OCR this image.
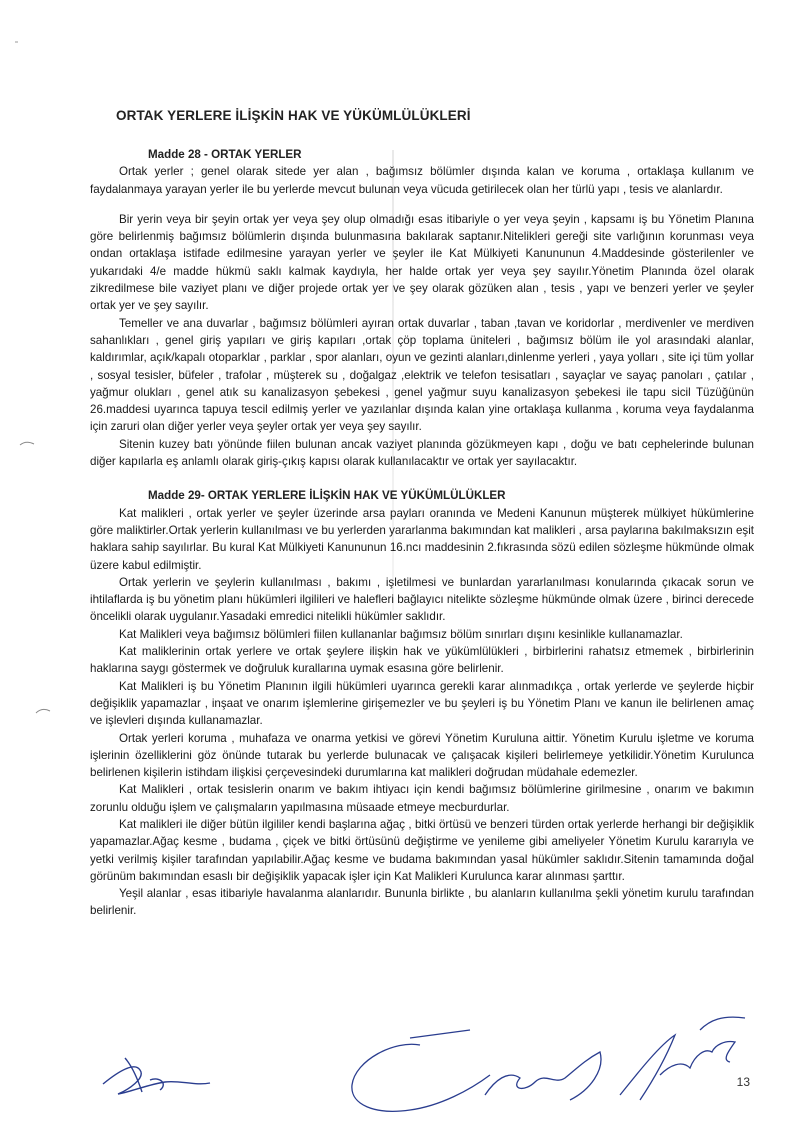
ORTAK YERLERE İLİŞKİN HAK VE YÜKÜMLÜLÜKLERİ

Madde 28 - ORTAK YERLER

Ortak yerler ; genel olarak sitede yer alan , bağımsız bölümler dışında kalan ve koruma , ortaklaşa kullanım ve faydalanmaya yarayan yerler ile bu yerlerde mevcut bulunan veya vücuda getirilecek olan her türlü yapı , tesis ve alanlardır.

Bir yerin veya bir şeyin ortak yer veya şey olup olmadığı esas itibariyle o yer veya şeyin , kapsamı iş bu Yönetim Planına göre belirlenmiş bağımsız bölümlerin dışında bulunmasına bakılarak saptanır.Nitelikleri gereği site varlığının korunması veya ondan ortaklaşa istifade edilmesine yarayan yerler ve şeyler ile Kat Mülkiyeti Kanununun 4.Maddesinde gösterilenler ve yukarıdaki 4/e madde hükmü saklı kalmak kaydıyla, her halde ortak yer veya şey sayılır.Yönetim Planında özel olarak zikredilmese bile vaziyet planı ve diğer projede ortak yer ve şey olarak gözüken alan , tesis , yapı ve benzeri yerler ve şeyler ortak yer ve şey sayılır.

Temeller ve ana duvarlar , bağımsız bölümleri ayıran ortak duvarlar , taban ,tavan ve koridorlar , merdivenler ve merdiven sahanlıkları , genel giriş yapıları ve giriş kapıları ,ortak çöp toplama üniteleri , bağımsız bölüm ile yol arasındaki alanlar, kaldırımlar, açık/kapalı otoparklar , parklar , spor alanları, oyun ve gezinti alanları,dinlenme yerleri , yaya yolları , site içi tüm yollar , sosyal tesisler, büfeler , trafolar , müşterek su , doğalgaz ,elektrik ve telefon tesisatları , sayaçlar ve sayaç panoları , çatılar , yağmur olukları , genel atık su kanalizasyon şebekesi , genel yağmur suyu kanalizasyon şebekesi ile tapu sicil Tüzüğünün 26.maddesi uyarınca tapuya tescil edilmiş yerler ve yazılanlar dışında kalan yine ortaklaşa kullanma , koruma veya faydalanma için zaruri olan diğer yerler veya şeyler ortak yer veya şey sayılır.

Sitenin kuzey batı yönünde fiilen bulunan ancak vaziyet planında gözükmeyen kapı , doğu ve batı cephelerinde bulunan diğer kapılarla eş anlamlı olarak giriş-çıkış kapısı olarak kullanılacaktır ve ortak yer sayılacaktır.

Madde 29- ORTAK YERLERE İLİŞKİN HAK VE YÜKÜMLÜLÜKLER

Kat malikleri , ortak yerler ve şeyler üzerinde arsa payları oranında ve Medeni Kanunun müşterek mülkiyet hükümlerine göre maliktirler.Ortak yerlerin kullanılması ve bu yerlerden yararlanma bakımından kat malikleri , arsa paylarına bakılmaksızın eşit haklara sahip sayılırlar. Bu kural Kat Mülkiyeti Kanununun 16.ncı maddesinin 2.fıkrasında sözü edilen sözleşme hükmünde olmak üzere kabul edilmiştir.

Ortak yerlerin ve şeylerin kullanılması , bakımı , işletilmesi ve bunlardan yararlanılması konularında çıkacak sorun ve ihtilaflarda iş bu yönetim planı hükümleri ilgilileri ve halefleri bağlayıcı nitelikte sözleşme hükmünde olmak üzere , birinci derecede öncelikli olarak uygulanır.Yasadaki emredici nitelikli hükümler saklıdır.

Kat Malikleri veya bağımsız bölümleri fiilen kullananlar bağımsız bölüm sınırları dışını kesinlikle kullanamazlar.

Kat maliklerinin ortak yerlere ve ortak şeylere ilişkin hak ve yükümlülükleri , birbirlerini rahatsız etmemek , birbirlerinin haklarına saygı göstermek ve doğruluk kurallarına uymak esasına göre belirlenir.

Kat Malikleri iş bu Yönetim Planının ilgili hükümleri uyarınca gerekli karar alınmadıkça , ortak yerlerde ve şeylerde hiçbir değişiklik yapamazlar , inşaat ve onarım işlemlerine girişemezler ve bu şeyleri iş bu Yönetim Planı ve kanun ile belirlenen amaç ve işlevleri dışında kullanamazlar.

Ortak yerleri koruma , muhafaza ve onarma yetkisi ve görevi Yönetim Kuruluna aittir. Yönetim Kurulu işletme ve koruma işlerinin özelliklerini göz önünde tutarak bu yerlerde bulunacak ve çalışacak kişileri belirlemeye yetkilidir.Yönetim Kurulunca belirlenen kişilerin istihdam ilişkisi çerçevesindeki durumlarına kat malikleri doğrudan müdahale edemezler.

Kat Malikleri , ortak tesislerin onarım ve bakım ihtiyacı için kendi bağımsız bölümlerine girilmesine , onarım ve bakımın zorunlu olduğu işlem ve çalışmaların yapılmasına müsaade etmeye mecburdurlar.

Kat malikleri ile diğer bütün ilgililer kendi başlarına ağaç , bitki örtüsü ve benzeri türden ortak yerlerde herhangi bir değişiklik yapamazlar.Ağaç kesme , budama , çiçek ve bitki örtüsünü değiştirme ve yenileme gibi ameliyeler Yönetim Kurulu kararıyla ve yetki verilmiş kişiler tarafından yapılabilir.Ağaç kesme ve budama bakımından yasal hükümler saklıdır.Sitenin tamamında doğal görünüm bakımından esaslı bir değişiklik yapacak işler için Kat Malikleri Kurulunca karar alınması şarttır.

Yeşil alanlar , esas itibariyle havalanma alanlarıdır. Bununla birlikte , bu alanların kullanılma şekli yönetim kurulu tarafından belirlenir.

13
